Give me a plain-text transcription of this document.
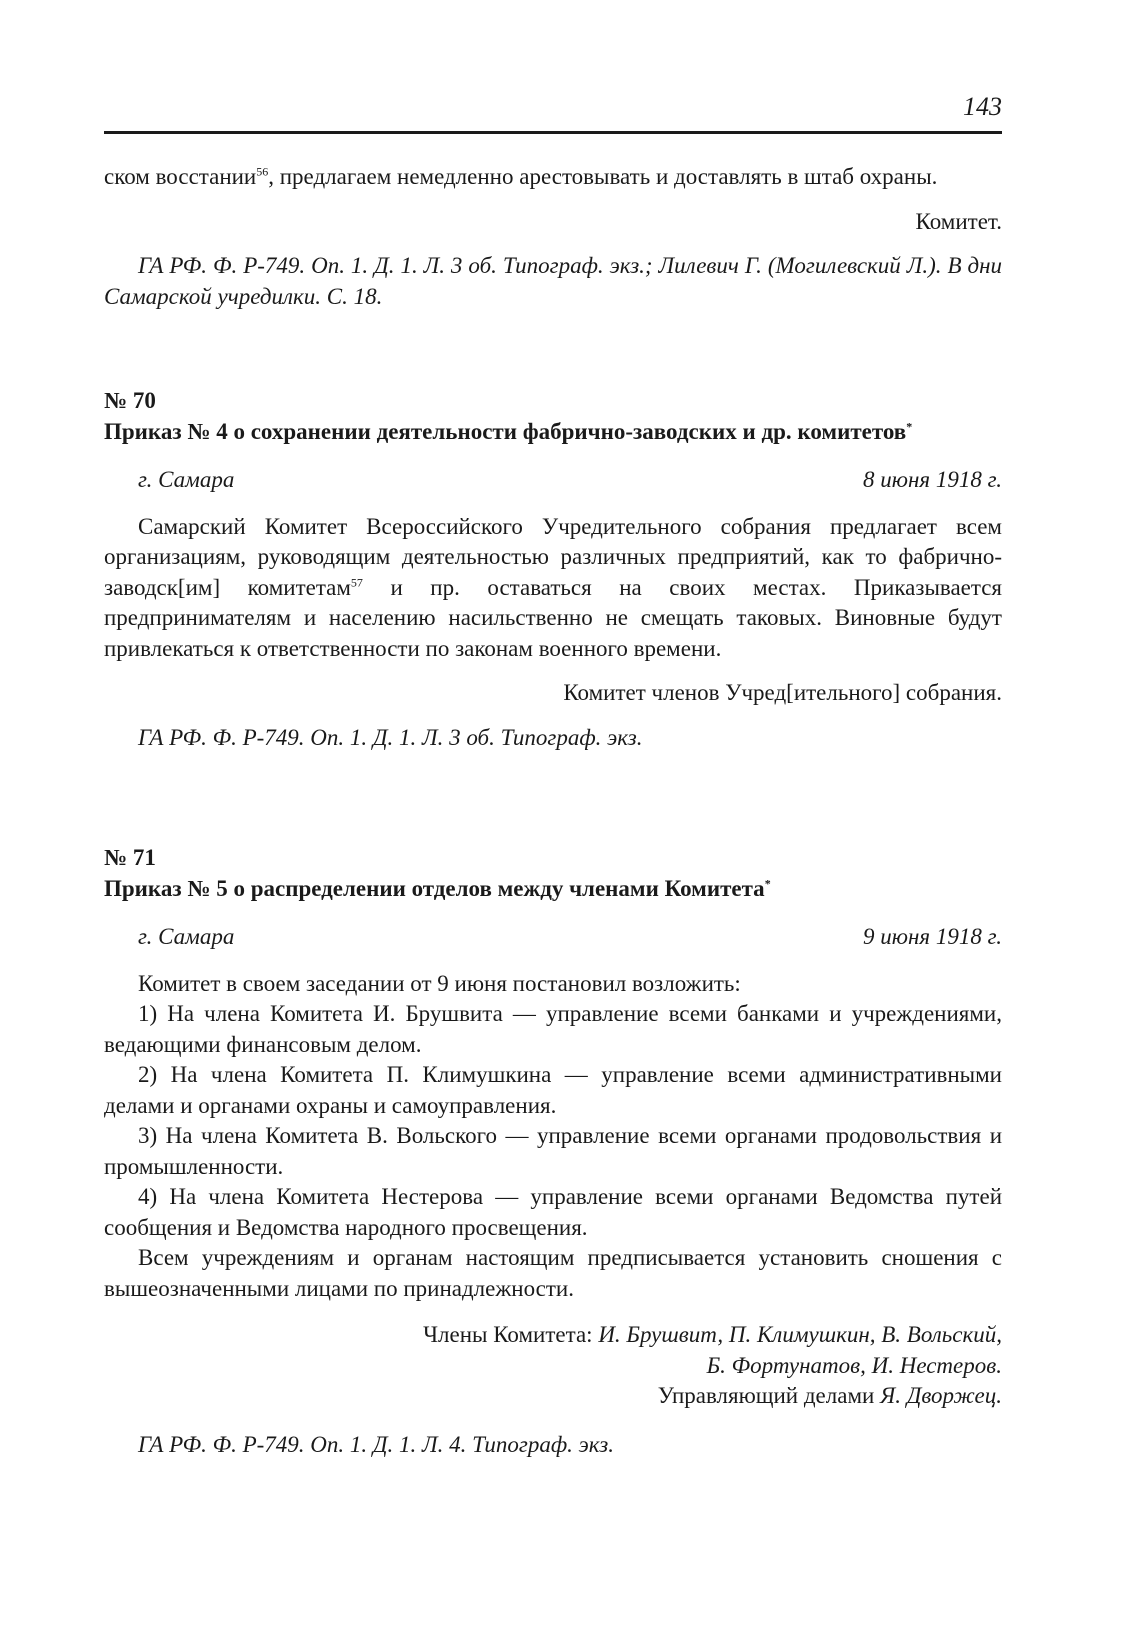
143

ском восстании$^{56}$, предлагаем немедленно арестовывать и доставлять в штаб охраны.

Комитет.

ГА РФ. Ф. Р-749. Оп. 1. Д. 1. Л. 3 об. Типограф. экз.; Лилевич Г. (Могилевский Л.). В дни Самарской учредилки. С. 18.

№ 70

Приказ № 4 о сохранении деятельности фабрично-заводских и др. комитетов*

г. Самара	8 июня 1918 г.

Самарский Комитет Всероссийского Учредительного собрания предлагает всем организациям, руководящим деятельностью различных предприятий, как то фабрично-заводск[им] комитетам$^{57}$ и пр. оставаться на своих местах. Приказывается предпринимателям и населению насильственно не смещать таковых. Виновные будут привлекаться к ответственности по законам военного времени.

Комитет членов Учред[ительного] собрания.

ГА РФ. Ф. Р-749. Оп. 1. Д. 1. Л. 3 об. Типограф. экз.

№ 71

Приказ № 5 о распределении отделов между членами Комитета*

г. Самара	9 июня 1918 г.

Комитет в своем заседании от 9 июня постановил возложить:

1) На члена Комитета И. Брушвита — управление всеми банками и учреждениями, ведающими финансовым делом.

2) На члена Комитета П. Климушкина — управление всеми административными делами и органами охраны и самоуправления.

3) На члена Комитета В. Вольского — управление всеми органами продовольствия и промышленности.

4) На члена Комитета Нестерова — управление всеми органами Ведомства путей сообщения и Ведомства народного просвещения.

Всем учреждениям и органам настоящим предписывается установить сношения с вышеозначенными лицами по принадлежности.

Члены Комитета: И. Брушвит, П. Климушкин, В. Вольский,
Б. Фортунатов, И. Нестеров.
Управляющий делами Я. Дворжец.

ГА РФ. Ф. Р-749. Оп. 1. Д. 1. Л. 4. Типограф. экз.
